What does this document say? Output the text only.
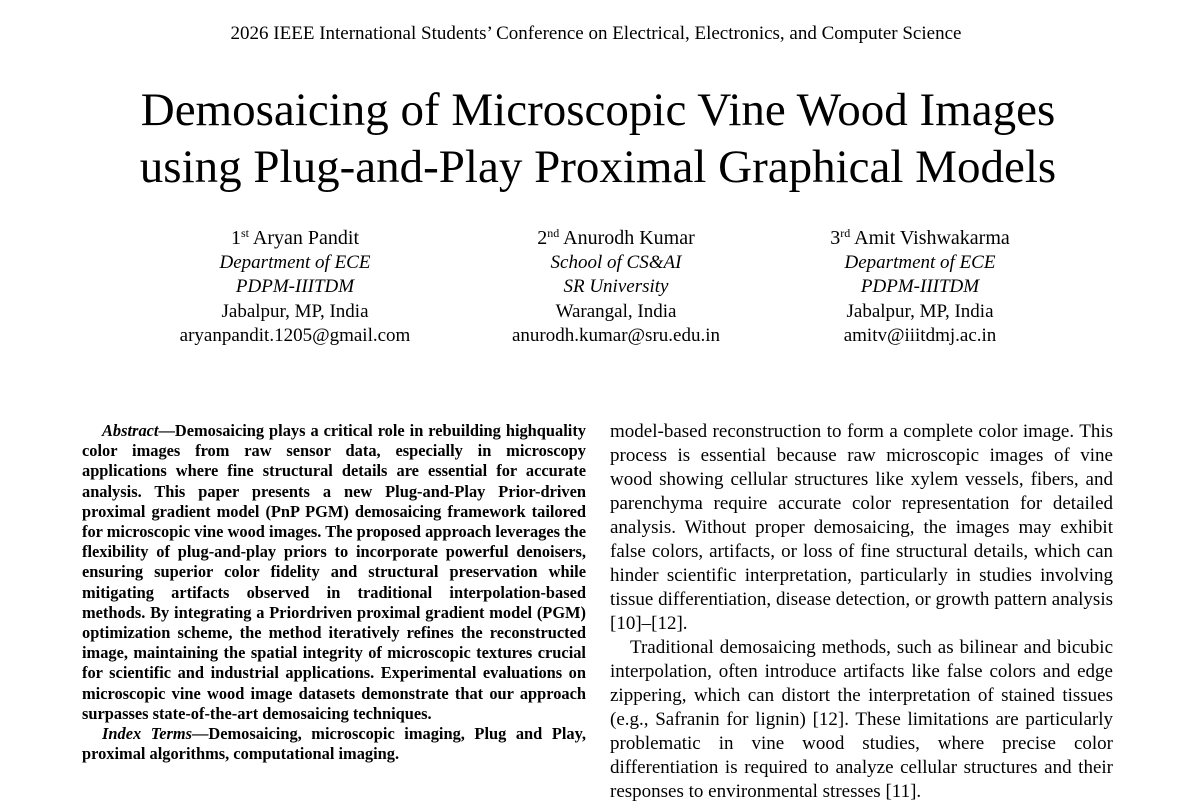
2026 IEEE International Students’ Conference on Electrical, Electronics, and Computer Science
Demosaicing of Microscopic Vine Wood Images
using Plug-and-Play Proximal Graphical Models
1st Aryan Pandit
Department of ECE
PDPM-IIITDM
Jabalpur, MP, India
aryanpandit.1205@gmail.com
2nd Anurodh Kumar
School of CS&AI
SR University
Warangal, India
anurodh.kumar@sru.edu.in
3rd Amit Vishwakarma
Department of ECE
PDPM-IIITDM
Jabalpur, MP, India
amitv@iiitdmj.ac.in

Abstract—Demosaicing plays a critical role in rebuilding highquality color images from raw sensor data, especially in microscopy applications where fine structural details are essential for accurate analysis. This paper presents a new Plug-and-Play Prior-driven proximal gradient model (PnP PGM) demosaicing framework tailored for microscopic vine wood images. The proposed approach leverages the flexibility of plug-and-play priors to incorporate powerful denoisers, ensuring superior color fidelity and structural preservation while mitigating artifacts observed in traditional interpolation-based methods. By integrating a Priordriven proximal gradient model (PGM) optimization scheme, the method iteratively refines the reconstructed image, maintaining the spatial integrity of microscopic textures crucial for scientific and industrial applications. Experimental evaluations on microscopic vine wood image datasets demonstrate that our approach surpasses state-of-the-art demosaicing techniques.

Index Terms—Demosaicing, microscopic imaging, Plug and Play, proximal algorithms, computational imaging.

model-based reconstruction to form a complete color image. This process is essential because raw microscopic images of vine wood showing cellular structures like xylem vessels, fibers, and parenchyma require accurate color representation for detailed analysis. Without proper demosaicing, the images may exhibit false colors, artifacts, or loss of fine structural details, which can hinder scientific interpretation, particularly in studies involving tissue differentiation, disease detection, or growth pattern analysis [10]–[12].

Traditional demosaicing methods, such as bilinear and bicubic interpolation, often introduce artifacts like false colors and edge zippering, which can distort the interpretation of stained tissues (e.g., Safranin for lignin) [12]. These limitations are particularly problematic in vine wood studies, where precise color differentiation is required to analyze cellular structures and their responses to environmental stresses [11].
